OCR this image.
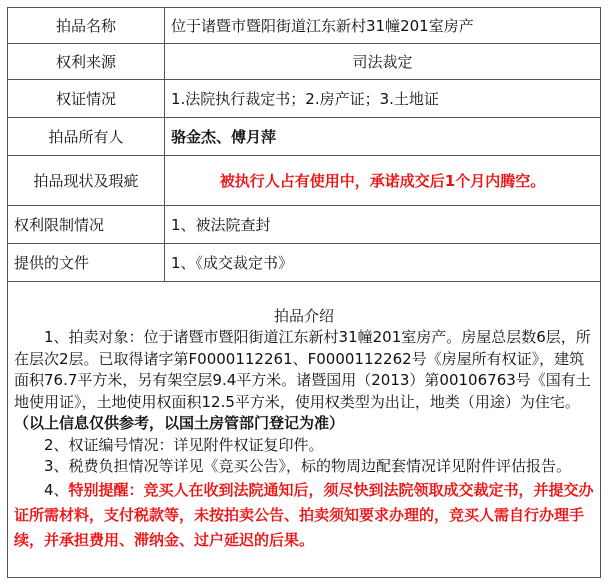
拍品名称	位于诸暨市暨阳街道江东新村31幢201室房产
权利来源	司法裁定
权证情况	1.法院执行裁定书；2.房产证；3.土地证
拍品所有人	骆金杰、傅月萍
拍品现状及瑕疵	被执行人占有使用中，承诺成交后1个月内腾空。
权利限制情况	1、被法院查封
提供的文件	1、《成交裁定书》

拍品介绍

1、拍卖对象：位于诸暨市暨阳街道江东新村31幢201室房产。房屋总层数6层，所在层次2层。已取得诸字第F0000112261、F0000112262号《房屋所有权证》，建筑面积76.7平方米，另有架空层9.4平方米。诸暨国用（2013）第00106763号《国有土地使用证》，土地使用权面积12.5平方米，使用权类型为出让，地类（用途）为住宅。（以上信息仅供参考，以国土房管部门登记为准）

2、权证编号情况：详见附件权证复印件。

3、税费负担情况等详见《竞买公告》，标的物周边配套情况详见附件评估报告。

4、特别提醒：竞买人在收到法院通知后，须尽快到法院领取成交裁定书，并提交办证所需材料，支付税款等，未按拍卖公告、拍卖须知要求办理的，竞买人需自行办理手续，并承担费用、滞纳金、过户延迟的后果。	
